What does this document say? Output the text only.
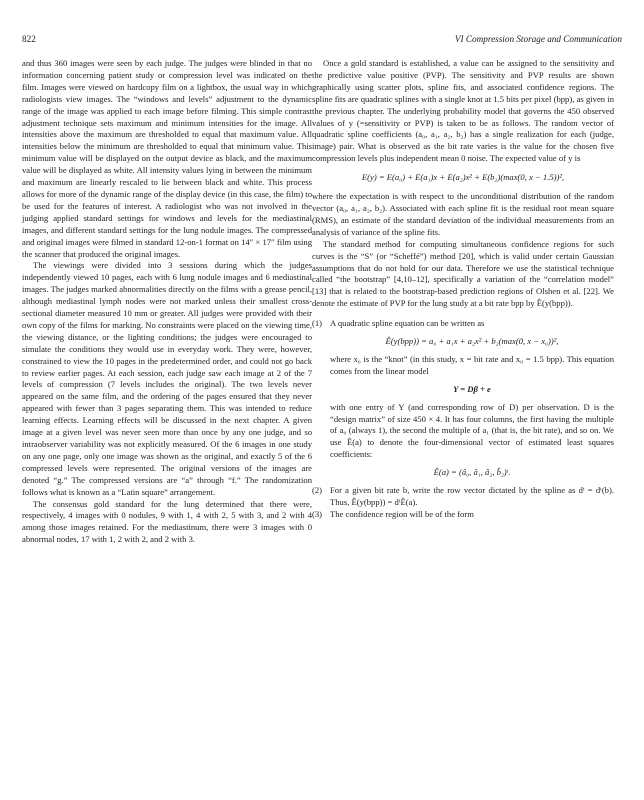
822	VI Compression Storage and Communication

and thus 360 images were seen by each judge. The judges were blinded in that no information concerning patient study or compression level was indicated on the film. Images were viewed on hardcopy film on a lightbox, the usual way in which radiologists view images. The “windows and levels” adjustment to the dynamic range of the image was applied to each image before filming. This simple contrast adjustment technique sets maximum and minimum intensities for the image. All intensities above the maximum are thresholded to equal that maximum value. All intensities below the minimum are thresholded to equal that minimum value. This minimum value will be displayed on the output device as black, and the maximum value will be displayed as white. All intensity values lying in between the minimum and maximum are linearly rescaled to lie between black and white. This process allows for more of the dynamic range of the display device (in this case, the film) to be used for the features of interest. A radiologist who was not involved in the judging applied standard settings for windows and levels for the mediastinal images, and different standard settings for the lung nodule images. The compressed and original images were filmed in standard 12-on-1 format on 14″ × 17″ film using the scanner that produced the original images.

The viewings were divided into 3 sessions during which the judges independently viewed 10 pages, each with 6 lung nodule images and 6 mediastinal images. The judges marked abnormalities directly on the films with a grease pencil, although mediastinal lymph nodes were not marked unless their smallest cross-sectional diameter measured 10 mm or greater. All judges were provided with their own copy of the films for marking. No constraints were placed on the viewing time, the viewing distance, or the lighting conditions; the judges were encouraged to simulate the conditions they would use in everyday work. They were, however, constrained to view the 10 pages in the predetermined order, and could not go back to review earlier pages. At each session, each judge saw each image at 2 of the 7 levels of compression (7 levels includes the original). The two levels never appeared on the same film, and the ordering of the pages ensured that they never appeared with fewer than 3 pages separating them. This was intended to reduce learning effects. Learning effects will be discussed in the next chapter. A given image at a given level was never seen more than once by any one judge, and so intraobserver variability was not explicitly measured. Of the 6 images in one study on any one page, only one image was shown as the original, and exactly 5 of the 6 compressed levels were represented. The original versions of the images are denoted “g.” The compressed versions are “a” through “f.” The randomization follows what is known as a “Latin square” arrangement.

The consensus gold standard for the lung determined that there were, respectively, 4 images with 0 nodules, 9 with 1, 4 with 2, 5 with 3, and 2 with 4 among those images retained. For the mediastinum, there were 3 images with 0 abnormal nodes, 17 with 1, 2 with 2, and 2 with 3.

Once a gold standard is established, a value can be assigned to the sensitivity and the predictive value positive (PVP). The sensitivity and PVP results are shown graphically using scatter plots, spline fits, and associated confidence regions. The spline fits are quadratic splines with a single knot at 1.5 bits per pixel (bpp), as given in the previous chapter. The underlying probability model that governs the 450 observed values of y (=sensitivity or PVP) is taken to be as follows. The random vector of quadratic spline coefficients (a₀, a₁, a₂, b₂) has a single realization for each (judge, image) pair. What is observed as the bit rate varies is the value for the chosen five compression levels plus independent mean 0 noise. The expected value of y is

E(y) = E(a₀) + E(a₁)x + E(a₂)x² + E(b₂)(max(0, x − 1.5))²,

where the expectation is with respect to the unconditional distribution of the random vector (a₀, a₁, a₂, b₂). Associated with each spline fit is the residual root mean square (RMS), an estimate of the standard deviation of the individual measurements from an analysis of variance of the spline fits.

The standard method for computing simultaneous confidence regions for such curves is the “S” (or “Scheffé”) method [20], which is valid under certain Gaussian assumptions that do not hold for our data. Therefore we use the statistical technique called “the bootstrap” [4,10–12], specifically a variation of the “correlation model” [13] that is related to the bootstrap-based prediction regions of Olshen et al. [22]. We denote the estimate of PVP for the lung study at a bit rate bpp by Ê(y(bpp)).

(1) A quadratic spline equation can be written as

Ê(y(bpp)) = a₀ + a₁x + a₂x² + b₂(max(0, x − x₀))²,

where x₀ is the “knot” (in this study, x = bit rate and x₀ = 1.5 bpp). This equation comes from the linear model

Y = Dβ + e

with one entry of Y (and corresponding row of D) per observation. D is the “design matrix” of size 450 × 4. It has four columns, the first having the multiple of a₀ (always 1), the second the multiple of a₁ (that is, the bit rate), and so on. We use Ê(a) to denote the four-dimensional vector of estimated least squares coefficients:

Ê(a) = (â₀, â₁, â₂, b̂₂)ᵗ.
(2) For a given bit rate b, write the row vector dictated by the spline as dᵗ = dᵗ(b). Thus, Ê(y(bpp)) = dᵗÊ(a).

(3) The confidence region will be of the form
